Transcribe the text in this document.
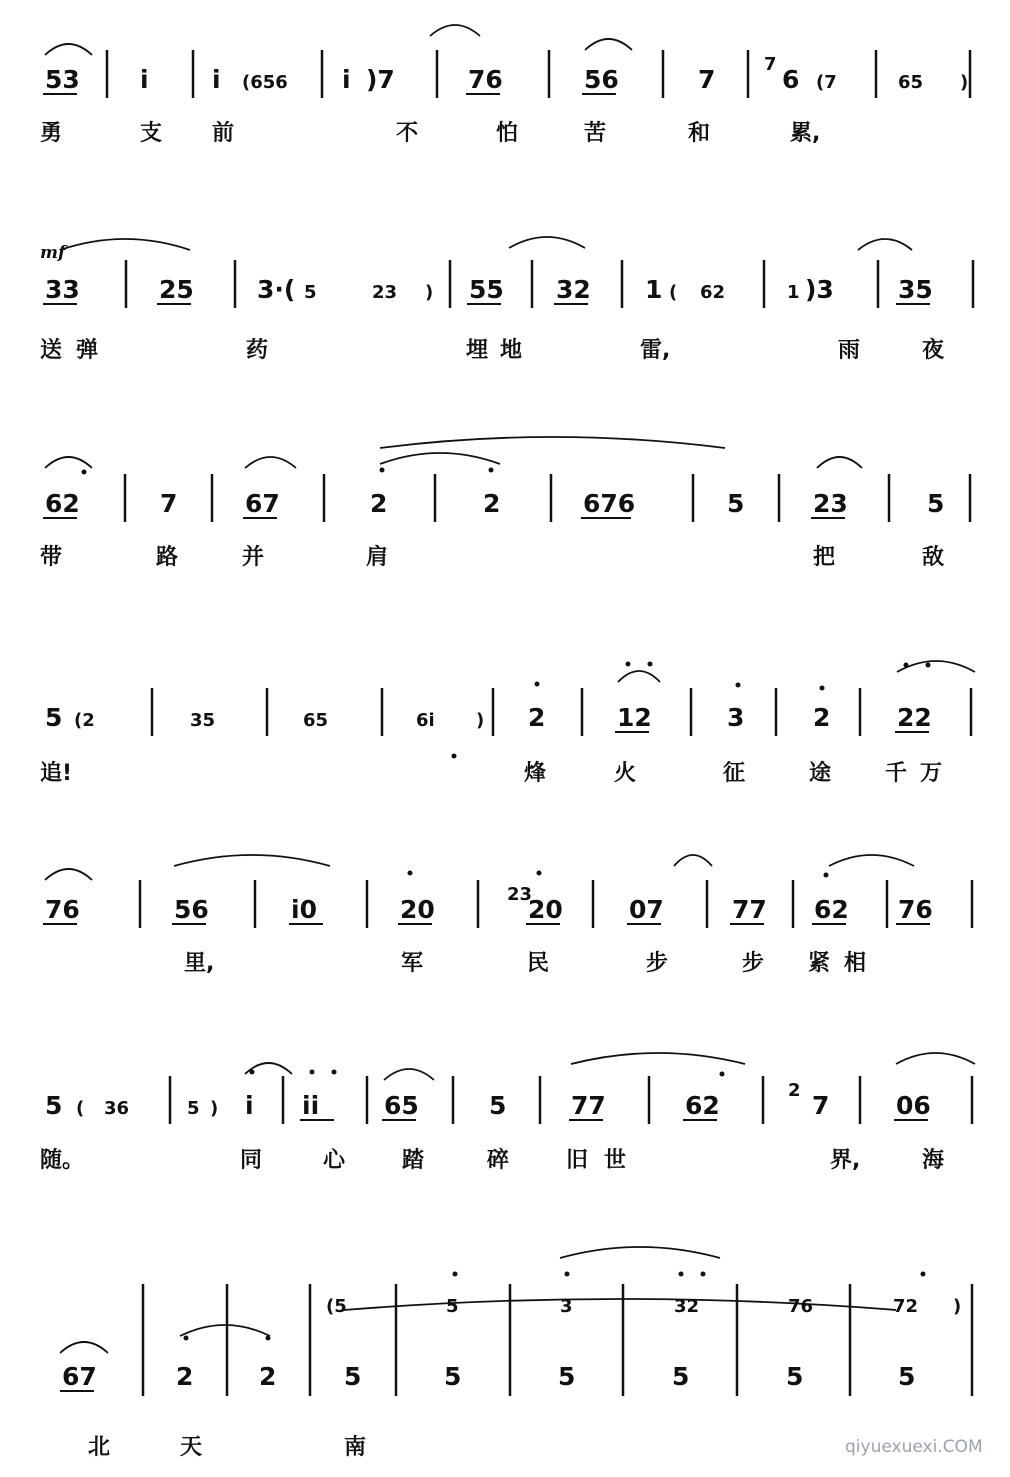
53 i	i (656 i )7	76	56	7
7
6 (7	65 )
勇	支 前	不	怕	苦	和	累,
mf
33	25	3·( 5	23 ) 55 32 1 ( 62	1 )3	35
送 弹	药	埋 地	雷,	雨	夜
62	7	67	2	2	676	5	23	5
带	路	并	肩	把	敌
5 (2	35	65	6i ) 2	12	3	2	22
追!	烽	火	征	途 千 万
76	56	i0	20
23
20	07	77 62 76
里,	军	民	步	步 紧 相
5 ( 36	5 ) i ii	65	5	77	62
2
7	06
随。	同	心	踏	碎	旧 世	界,	海
(5	5	3	32	76	72 )
67	2	2	5	5	5	5	5	5
北	天	南	qiyuexuexi.COM
